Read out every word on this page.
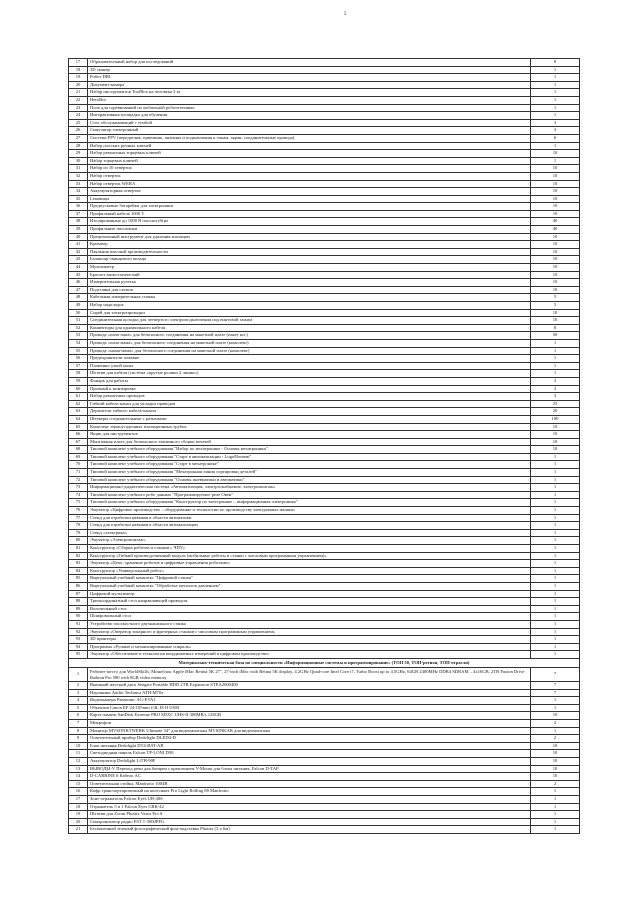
5
17	Образовательный набор для исследований	8
18	3D сканер	1
19	Робот DBI	1
20	Документ-камера	1
21	Набор инструментов ToolBox на человека 3 кг	1
22	HeroBot	1
23	Поле для соревнований по мобильной робототехнике	1
24	Интерактивная площадка для обучения	1
25	Стол обслуживающий с тумбой	3
26	Симулятор электронный	3
27	Система FPV (передатчик, приемник, антенны и подключения к очкам, экран, соединительные провода)	6
28	Набор плоских ручных ключей	1
29	Набор ремонтных торцевых ключей	10
30	Набор торцевых ключей	1
31	Набор из 10 отверток	10
32	Набор отверток	10
33	Набор отвёрток WERA	10
34	Аккумуляторная отвертка	10
35	Lековицы	10
36	Предпусковые батарейки для электроники	10
37	Профильный кабель 1000 V	10
38	Изолированные до 1000 В плоскогубцы	40
39	Профильные пассатижи	40
40	Прецизионный инструмент для удаления изоляции	10
41	Кримпер	10
42	Паяльник высокой производительности	10
43	Балансир свинцового кольца	10
44	Мультиметр	10
45	Браслет антистатический	10
46	Измерительная рулетка	10
47	Подставка для схемок	10
48	Кабельная измерительная стяжка	5
49	Набор надкладок	5
50	Спрей для электропроводки	10
51	Соединительная колодка для четвертого электроподключения под винтовой зажим	10
52	Коннекторы для одножильного кабеля	8
53	Провода «папа-папа» для безопасного соединения на макетной плате (пакет шт.)	50
54	Провода «папа-мама» для безопасного соединения на макетной плате (комплект)	1
55	Провода «мама-мама» для безопасного соединения на макетной плате (комплект)	1
56	Предохранители плавкие	1
57	Пламенно узкой пилы	1
58	Штатив для кабеля (система «крутые ролики 2 линии»)	1
59	Фонарь для работы	3
60	Прочный к монтировке	3
61	Набор ремонтных проводов	3
62	Гибкий кабель-канал для укладки проводов	25
63	Держатели гибкого кабель-канала	20
64	Штекеры соединительные с разъемами	100
65	Комплект термоусадочных изоляционных трубок	10
66	Ящик для инструментов	10
67	Монтажная плата для безопасного зажимного сборки печатей	10
68	Типовой комплект учебного оборудования "Набор по мехатронике - Основы мехатроники"	10
69	Типовой комплект учебного оборудования "Старт в автоматизации - LogoElement"	1
70	Типовой комплект учебного оборудования "Старт в мехатронике"	1
71	Типовой комплект учебного оборудования "Мехатронная линия сортировки деталей"	1
72	Типовой комплект учебного оборудования "Основы пневматики и автоматики"	1
73	Информационно-дидактическая система «Автоматизация, электроснабжение, электромонтаж»	1
74	Типовой комплект учебного робо данных "Программируемое реле Овен"	1
75	Типовой комплект учебного оборудования "Конструктор по электронике – информационная электроника"	1
76	Эмулятор «Цифровое производство – оборудование и технологии по производству электронных машин»	1
77	Стенд для отработки навыков в области автоматики	1
78	Стенд для отработки навыков в области автоматизации	1
79	Стенд «электрика»	1
80	Эмулятор «Электромонтаж»	1
81	Конструктор «Сборка роботов и станков с ЧПУ»	1
82	Конструктор «Гибкий производственный модуль (мобильные роботы и станки с числовым программным управлением)»	1
83	Эмулятор «Цепь: хранение роботов и цифровые управления роботами»	1
84	Конструктор «Универсальный робот»	1
85	Виртуальный учебный комплекс "Цифровой станок"	1
86	Виртуальный учебный комплекс "Обработка металлов давлением"	1
87	Цифровой мультиметр	1
88	Трехкоординатный стол направляющей приводом	1
89	Волочильный стол	1
90	Шлифовальный стол	1
91	Устройство плоскостного двухканального станка	1
92	Эмулятор «Оператор токарного и фрезерных станков с числовым программным управлением»	1
93	3D принтеры	1
94	Программа «Ручные и механизированные спираль»	1
95	Эмулятор «Обеспечение и технология координатных измерений в цифровом производстве»	1
Материально-техническая база по специальности «Информационные системы и программирование» (ТОП 50, ТОП-регион, ТОП-отрасли)		
1	Рабочее место для WorldSkills: Моноблок Apple iMac Retina 5K 27", 27-inch iMac with Retina 5K display, 4.2GHz Quad-core Intel Core i7, Turbo Boost up to 4.5GHz, 64GB 2400MHz DDR4 SDRAM – 4x16GB, 2TB Fusion Drive Radeon Pro 580 with 8GB video memory	7
2	Внешний жесткий диск Seagate Portable HDD 2TB Expansion STEA2000400	7
3	Наушники Audio-Technica ATH-M70x	7
4	Видеокамера Panasonic AG-EVA1	1
5	Объектив Canon EF 24-105mm f/4L IS II USM	1
6	Карта памяти SanDisk Extreme PRO SDXC UHS-II 300MB/s 128GB	10
7	Микрофон	2
8	Монитор MVSONKTWERK Ultimate 34" для видеомонтажа MVSINKAB для видеомонтажа	1
9	Осветительный прибор Dedolight DLED4-D	2
10	Блок питания Dedolight DT4-BAT-AB	10
11	Светодиодная панель Falcon TP-LONI D50	10
12	Аккумулятор Dedolight LiTH-90F	10
13	ВЫВОДЫ-V Переход речи для батареи с креплением V-Mount для блока питания, Falcon D-TAP	10
14	D-CARBINE 6 Кабель AC	10
15	Осветительная стойка, Manfrotto 1004B	2
16	Кофр транспортировочный на колесиках Pro Light Rolling 88 Manfrotto	1
17	Зонт-отражатель Falcon Eyes UR-48S	1
18	Отражатель 5 в 1 Falcon Eyes CRK-42	1
19	Штатив для Zoom Phottix Varos Pro S	1
20	Синхронизатор радио FST 1-3000PFG	1
21	Бесконечный зеленый фотографический фон-подставка Phottix (3 x 6м)	1
